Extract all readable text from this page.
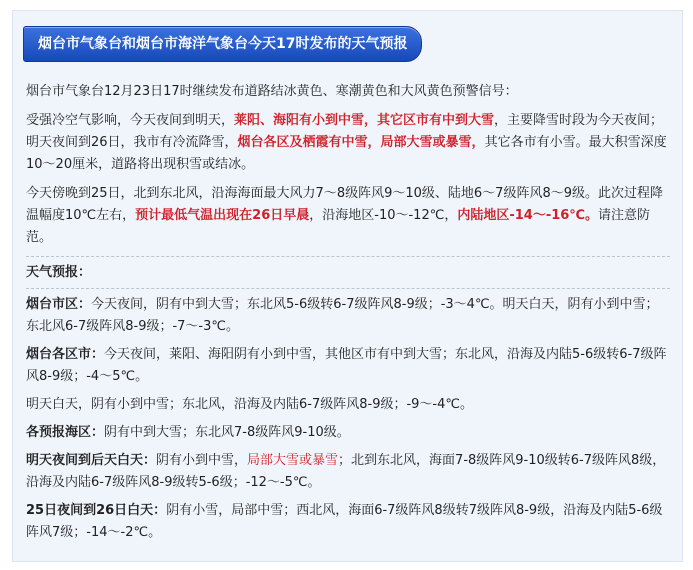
烟台市气象台和烟台市海洋气象台今天17时发布的天气预报

烟台市气象台12月23日17时继续发布道路结冰黄色、寒潮黄色和大风黄色预警信号：

受强冷空气影响，今天夜间到明天，莱阳、海阳有小到中雪，其它区市有中到大雪，主要降雪时段为今天夜间；明天夜间到26日，我市有冷流降雪，烟台各区及栖霞有中雪，局部大雪或暴雪，其它各市有小雪。最大积雪深度10～20厘米，道路将出现积雪或结冰。

今天傍晚到25日，北到东北风，沿海海面最大风力7～8级阵风9～10级、陆地6～7级阵风8～9级。此次过程降温幅度10℃左右，预计最低气温出现在26日早晨，沿海地区-10～-12℃，内陆地区-14～-16℃。请注意防范。

天气预报：

烟台市区：今天夜间，阴有中到大雪；东北风5-6级转6-7级阵风8-9级；-3～4℃。明天白天，阴有小到中雪；东北风6-7级阵风8-9级；-7～-3℃。

烟台各区市：今天夜间，莱阳、海阳阴有小到中雪，其他区市有中到大雪；东北风，沿海及内陆5-6级转6-7级阵风8-9级；-4～5℃。

明天白天，阴有小到中雪；东北风，沿海及内陆6-7级阵风8-9级；-9～-4℃。

各预报海区：阴有中到大雪；东北风7-8级阵风9-10级。

明天夜间到后天白天：阴有小到中雪，局部大雪或暴雪；北到东北风，海面7-8级阵风9-10级转6-7级阵风8级，沿海及内陆6-7级阵风8-9级转5-6级；-12～-5℃。

25日夜间到26日白天：阴有小雪，局部中雪；西北风，海面6-7级阵风8级转7级阵风8-9级，沿海及内陆5-6级阵风7级；-14～-2℃。
